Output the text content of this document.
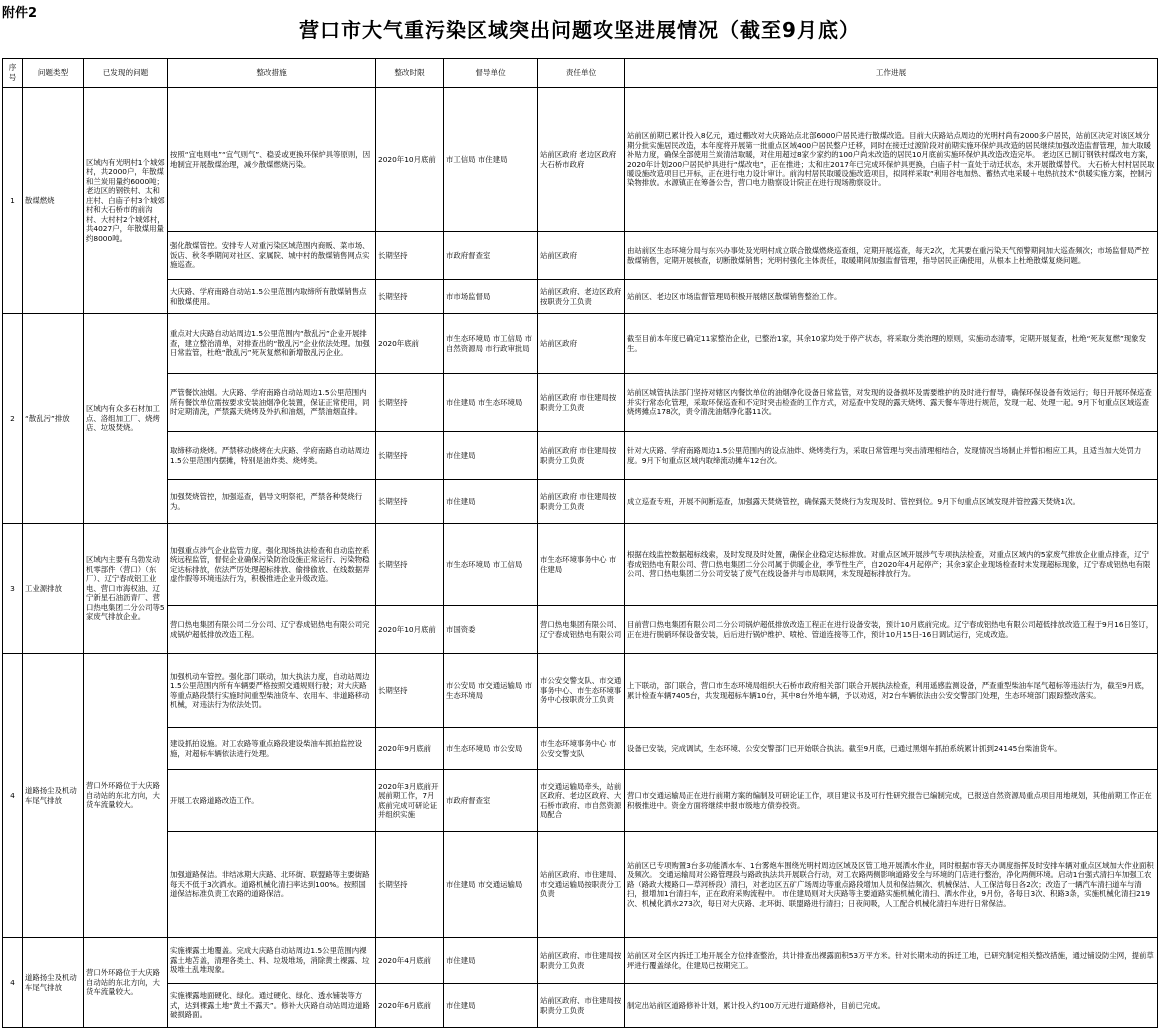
附件2
营口市大气重污染区域突出问题攻坚进展情况（截至9月底）
序号	问题类型	已发现的问题	整改措施	整改时限	督导单位	责任单位	工作进展
1	散煤燃烧	区域内有光明村1个城郊村，共2000户，年散煤和兰炭用量约6000吨；老边区的钢铁村、太和庄村、白庙子村3个城郊村和大石桥市的前沟村、大村村2个城郊村，共4027户，年散煤用量约8000吨。	按照“宜电则电”“宜气则气”、稳妥或更换环保炉具等原则，因地制宜开展散煤治理，减少散煤燃烧污染。	2020年10月底前	市工信局 市住建局	站前区政府 老边区政府 大石桥市政府	站前区前期已累计投入8亿元，通过棚改对大庆路站点北部6000户居民进行散煤改造。目前大庆路站点周边的光明村尚有2000多户居民，站前区决定对该区域分期分批实施居民改造，本年度将开展第一批重点区域400户居民整户迁移，同时在接迁过渡阶段对前期实施环保炉具改造的居民继续加强改造监督管理，加大取暖补贴力度，确保全部使用兰炭清洁取暖，对住用超过8家少家约的100户尚未改造的居民10月底前实施环保炉具改造改造完毕。 老边区已制订钢铁村煤改电方案，2020年计划200户居民炉具进行“煤改电”，正在推进；太和庄2017年已完成环保炉具更换，白庙子村一直处于动迁状态，未开展散煤替代。 大石桥大村村居民取暖设施改造项目已开标，正在进行电力设计审计。前沟村居民取暖设施改造项目，拟同样采取“利用谷电加热、蓄热式电采暖＋电热抗技术”供暖实施方案，控制污染物排放。水源镇正在筹备公告，营口电力勘察设计院正在进行现场勘察设计。
			强化散煤管控。安排专人对重污染区域范围内商贩、菜市场、饭店、秋冬季期间对社区、家属院、城中村的散煤销售网点实施巡查。	长期坚持	市政府督查室	站前区政府	由站前区生态环境分局与东兴办事处及光明村成立联合散煤燃烧巡查组，定期开展巡查，每天2次，尤其要在重污染天气预警期间加大巡查频次；市场监督局严控散煤销售，定期开展核查，切断散煤销售；光明村强化主体责任，取暖期间加强监督管理，指导居民正确使用，从根本上杜绝散煤复烧问题。
			大庆路、学府南路自动站1.5公里范围内取缔所有散煤销售点和散煤使用。	长期坚持	市市场监督局	站前区政府、老边区政府按职责分工负责	站前区、老边区市场监督管理局积极开展辖区散煤销售整治工作。
2	“散乱污”排放	区域内有众多石材加工点、洛组加工厂、烧烤店、垃圾焚烧。	重点对大庆路自动站周边1.5公里范围内“散乱污”企业开展排查，建立整治清单，对排查出的“散乱污”企业依法处理。加强日常监管，杜绝“散乱污”死灰复燃和新增散乱污企业。	2020年底前	市生态环境局 市工信局 市自然资源局 市行政审批局	站前区政府	截至目前本年度已确定11家整治企业，已整治1家，其余10家均处于停产状态，将采取分类治理的原则，实施动态清零，定期开展复查，杜绝“死灰复燃”现象发生。
			严管餐饮油烟。大庆路、学府南路自动站周边1.5公里范围内所有餐饮单位需按要求安装油烟净化装置，保证正常使用，同时定期清洗，严禁露天烧烤及外扒和油烟，严禁油烟直排。	长期坚持	市住建局 市生态环境局	站前区政府 市住建局按职责分工负责	站前区城管执法部门坚持对辖区内餐饮单位的油烟净化设备日常监管，对发现的设备损坏及需要维护的及时进行督导，确保环保设备有效运行；每日开展环保巡查并实行常态化管理，采取环保巡查和不定时突击检查的工作方式，对巡查中发现的露天烧烤、露天餐车等进行规范，发现一起、处理一起。9月下旬重点区域巡查烧烤摊点178次，责令清洗油烟净化器11次。
			取缔移动烧烤。严禁移动烧烤在大庆路、学府南路自动站周边1.5公里范围内摆摊，特别是油炸类、烧烤类。	长期坚持	市住建局	站前区政府 市住建局按职责分工负责	针对大庆路、学府南路周边1.5公里范围内的设点油炸、烧烤类行为，采取日常管理与突击清理相结合，发现情况当场制止并暂扣相应工具，且适当加大处罚力度。9月下旬重点区域内取缔流动摊车12台次。
			加强焚烧管控，加强巡查，倡导文明祭祀，严禁各种焚烧行为。	长期坚持	市住建局	站前区政府 市住建局按职责分工负责	成立巡查专班，开展不间断巡查，加强露天焚烧管控，确保露天焚烧行为发现及时、管控到位。9月下旬重点区域发现并管控露天焚烧1次。
3	工业源排放	区域内主要有乌勃发动机零部件（营口）（东厂）、辽宁春成铝工业电、营口市海权油、辽宁新星石油沥青厂、营口热电集团二分公司等5家废气排放企业。	加强重点涉气企业监管力度。强化现场执法检查和自动监控系统远程监管，督促企业确保污染防治设施正常运行、污染物稳定达标排放，依法严厉处理超标排放、偷排偷放、在线数据弄虚作假等环境违法行为，积极推进企业升级改造。	长期坚持	市生态环境局 市工信局	市生态环境事务中心 市住建局	根据在线监控数据超标线索，及时发现及时处置，确保企业稳定达标排放。对重点区域开展涉气专项执法检查，对重点区域内的5家废气排放企业重点排查，辽宁春成铝热电有限公司、营口热电集团二分公司属于供暖企业，季节性生产，自2020年4月起停产；其余3家企业现场检查时未发现超标现象，辽宁春成铝热电有限公司、营口热电集团二分公司安装了废气在线设备并与市局联网，未发现超标排放行为。
			营口热电集团有限公司二分公司、辽宁春成铝热电有限公司完成锅炉超低排放改造工程。	2020年10月底前	市国资委	营口热电集团有限公司、辽宁春成铝热电有限公司	目前营口热电集团有限公司二分公司锅炉超低排放改造工程正在进行设备安装，预计10月底前完成。辽宁春成铝热电有限公司超低排放改造工程于9月16日签订，正在进行脱硝环保设备安装，后后进行锅炉维护、喷枪、管道连接等工作，预计10月15日-16日调试运行，完成改造。
4	道路扬尘及机动车尾气排放	营口外环路位于大庆路自动站的东北方向，大货车流量较大。	加强机动车管控。强化部门联动，加大执法力度，自动站周边1.5公里范围内所有车辆要严格按照交通规则行驶；对大庆路等重点路段禁行实施时间重型柴油货车、农用车、非道路移动机械，对违法行为依法处罚。	长期坚持	市公安局 市交通运输局 市生态环境局	市公安交警支队、市交通事务中心、市生态环境事务中心按职责分工负责	上下联动，部门联合，营口市生态环境局组织大石桥市政府相关部门联合开展执法检查，利用遥感监测设备，严查重型柴油车尾气超标等违法行为，截至9月底，累计检查车辆7405台，共发现超标车辆10台，其中8台外地车辆，予以劝返，对2台车辆依法由公安交警部门处理，生态环境部门跟踪整改落实。
			建设抓拍设施。对工农路等重点路段建设柴油车抓拍监控设施，对超标车辆依法进行处理。	2020年9月底前	市生态环境局 市公安局	市生态环境事务中心 市公安交警支队	设备已安装，完成调试，生态环境、公安交警部门已开始联合执法。截至9月底，已通过黑烟车抓拍系统累计抓到24145台柴油货车。
			开展工农路道路改造工作。	2020年3月底前开展前期工作，7月底前完成可研论证并组织实施	市政府督查室	市交通运输局牵头，站前区政府、老边区政府、大石桥市政府、市自然资源局配合	营口市交通运输局正在进行前期方案的编制及可研论证工作，项目建议书及可行性研究报告已编制完成，已报送自然资源局重点项目用地规划，其他前期工作正在积极推进中。资金方面将继续申报市级地方债券投资。
			加强道路保洁。非结冰期大庆路、北环街、联盟路等主要街路每天不低于3次洒水。道路机械化清扫率达到100%。按照国道保洁标准负责工农路的道路保洁。	长期坚持	市住建局 市交通运输局	站前区政府、市住建局、市交通运输局按职责分工负责	站前区已专项购置3台多功能洒水车、1台雾炮车围绕光明村周边区域及区管工地开展洒水作业，同时根据市容天办调度指挥及时安排车辆对重点区域加大作业面积及频次。 交通运输局对公路管理段与路政执法共开展联合行动，对工农路两侧影响道路安全与环境的门店进行整治，净化两侧环境。启动1台强式清扫车加强工农路（路政大楼路口—草河桥段）清扫，对老边区五矿广场周边等重点路段增加人员和保洁频次、机械保洁、人工保洁每日各2次；改造了一辆汽车清扫道车与清扫，报增加1台清扫车，正在政府采购流程中。 市住建局则对大庆路等主要道路实施机械化清扫、洒水作业，9月份，各每日3次、积路3条，实施机械化清扫219次、机械化洒水273次，每日对大庆路、北环街、联盟路进行清扫；日夜间吸，人工配合机械化清扫车进行日常保洁。
4	道路扬尘及机动车尾气排放	营口外环路位于大庆路自动站的东北方向，大货车流量较大。	实施裸露土地覆盖。完成大庆路自动站周边1.5公里范围内裸露土地苫盖，清理各类土、料、垃圾堆场，消除黄土裸露、垃圾堆土乱堆现象。	2020年4月底前	市住建局	站前区政府、市住建局按职责分工负责	站前区对全区内拆迁工地开展全方位排查整治，共计排查出裸露面积53万平方米。针对长期未动的拆迁工地，已研究制定相关整改措施，通过铺设防尘网，提前草坪进行覆盖绿化，住建局已按期完工。
			实施裸露地面硬化、绿化。通过硬化、绿化、透水铺装等方式，达到裸露土地“黄土不露天”。修补大庆路自动站周边道路破损路面。	2020年6月底前	市住建局	站前区政府、市住建局按职责分工负责	制定出站前区道路修补计划，累计投入约100万元进行道路修补，目前已完成。
